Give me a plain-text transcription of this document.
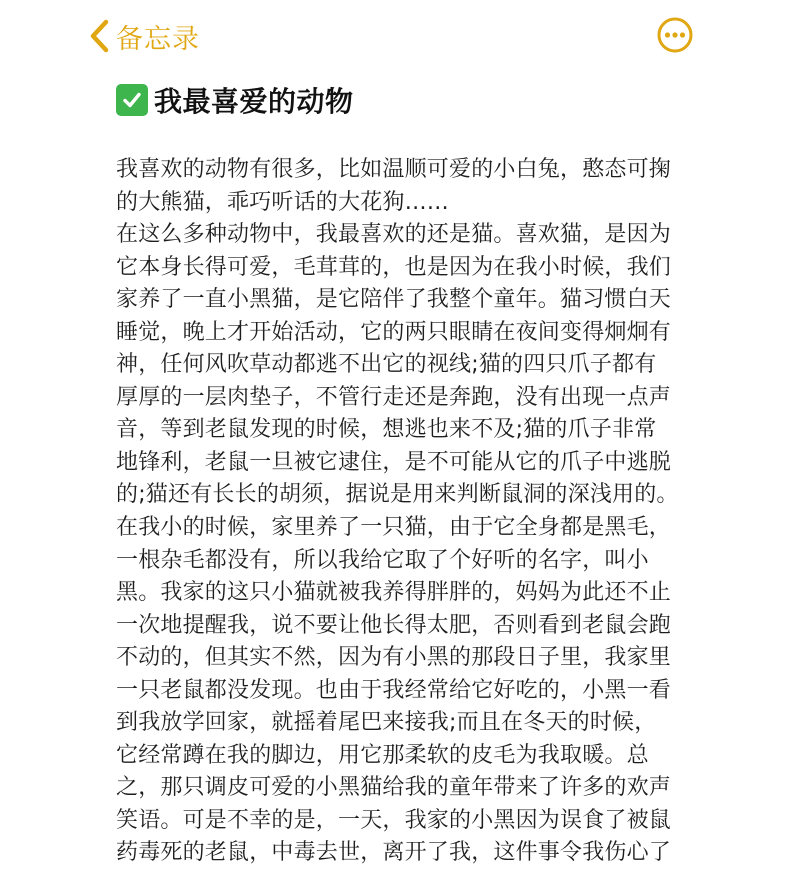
备忘录
我最喜爱的动物
我喜欢的动物有很多，比如温顺可爱的小白兔，憨态可掬
的大熊猫，乖巧听话的大花狗……
在这么多种动物中，我最喜欢的还是猫。喜欢猫，是因为
它本身长得可爱，毛茸茸的，也是因为在我小时候，我们
家养了一直小黑猫，是它陪伴了我整个童年。猫习惯白天
睡觉，晚上才开始活动，它的两只眼睛在夜间变得炯炯有
神，任何风吹草动都逃不出它的视线;猫的四只爪子都有
厚厚的一层肉垫子，不管行走还是奔跑，没有出现一点声
音，等到老鼠发现的时候，想逃也来不及;猫的爪子非常
地锋利，老鼠一旦被它逮住，是不可能从它的爪子中逃脱
的;猫还有长长的胡须，据说是用来判断鼠洞的深浅用的。
在我小的时候，家里养了一只猫，由于它全身都是黑毛，
一根杂毛都没有，所以我给它取了个好听的名字，叫小
黑。我家的这只小猫就被我养得胖胖的，妈妈为此还不止
一次地提醒我，说不要让他长得太肥，否则看到老鼠会跑
不动的，但其实不然，因为有小黑的那段日子里，我家里
一只老鼠都没发现。也由于我经常给它好吃的，小黑一看
到我放学回家，就摇着尾巴来接我;而且在冬天的时候，
它经常蹲在我的脚边，用它那柔软的皮毛为我取暖。总
之，那只调皮可爱的小黑猫给我的童年带来了许多的欢声
笑语。可是不幸的是，一天，我家的小黑因为误食了被鼠
药毒死的老鼠，中毒去世，离开了我，这件事令我伤心了
